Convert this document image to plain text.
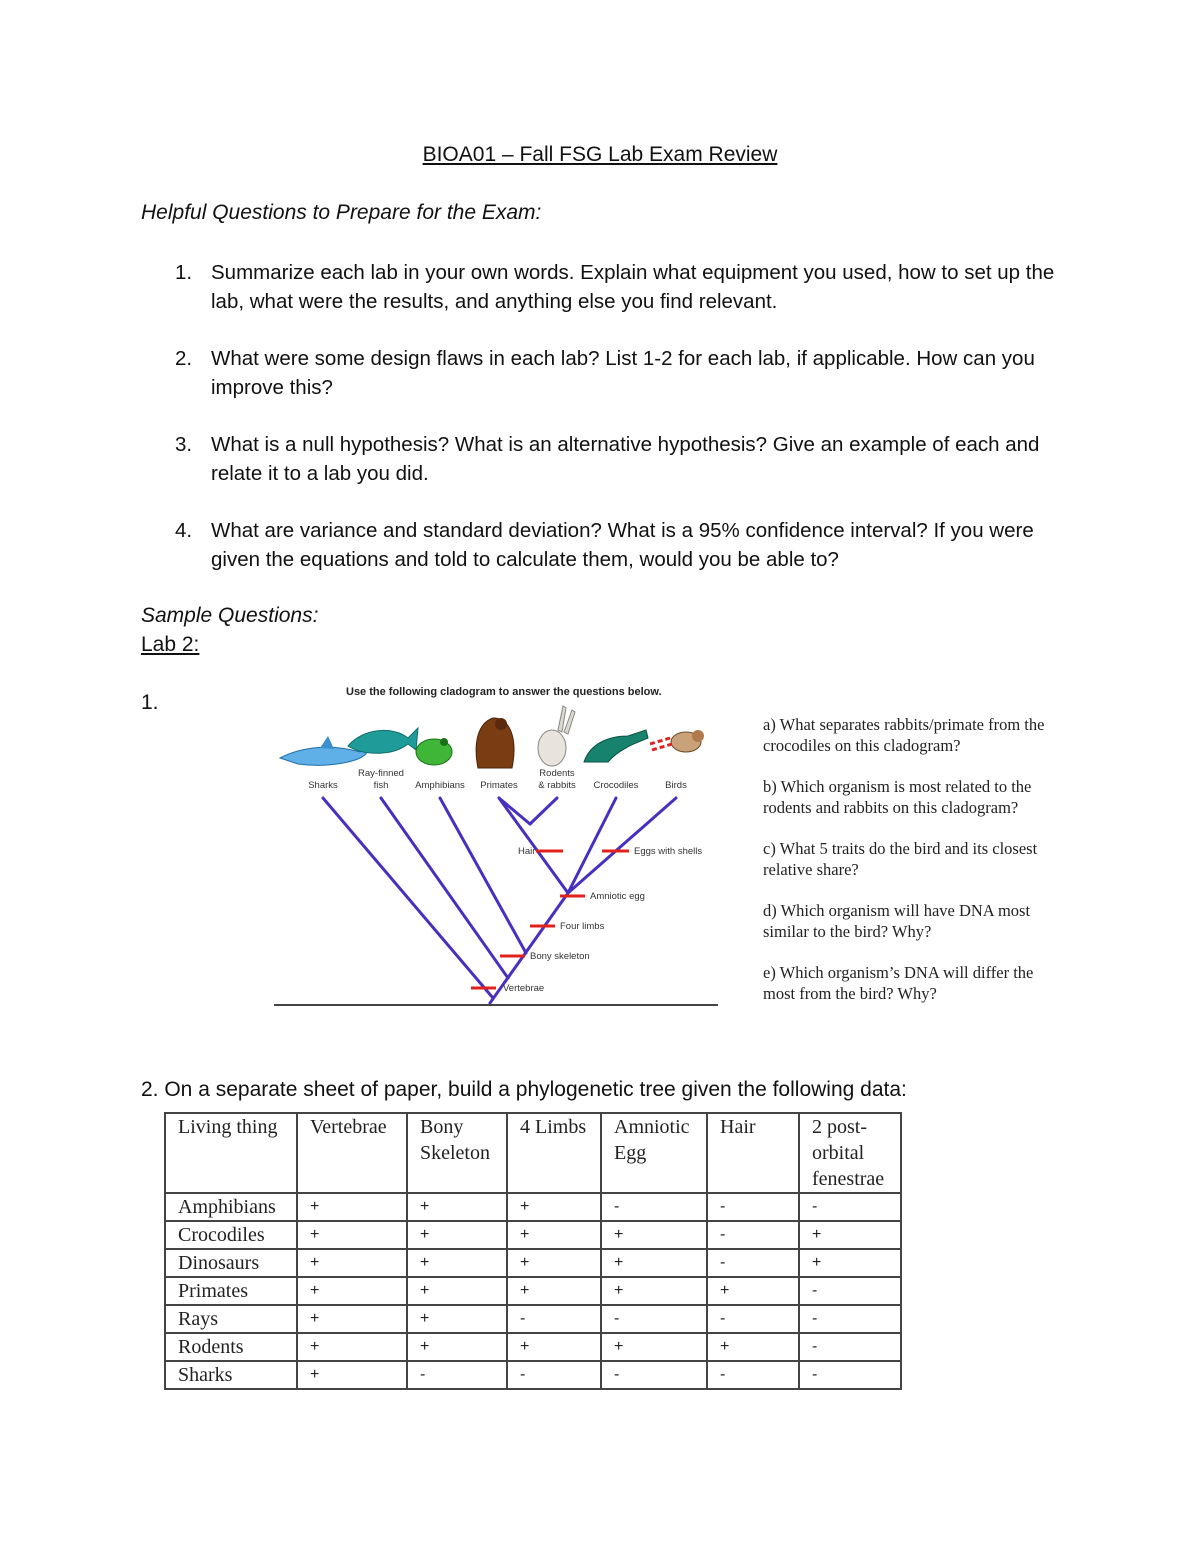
BIOA01 – Fall FSG Lab Exam Review
Helpful Questions to Prepare for the Exam:
1. Summarize each lab in your own words. Explain what equipment you used, how to set up the lab, what were the results, and anything else you find relevant.
2. What were some design flaws in each lab? List 1-2 for each lab, if applicable. How can you improve this?
3. What is a null hypothesis? What is an alternative hypothesis? Give an example of each and relate it to a lab you did.
4. What are variance and standard deviation? What is a 95% confidence interval? If you were given the equations and told to calculate them, would you be able to?
Sample Questions:
Lab 2:
1.	Use the following cladogram to answer the questions below.
Sharks
Ray-finned
fish	Amphibians Primates
Rodents
& rabbits Crocodiles	Birds
Vertebrae
Bony skeleton
Four limbs
Amniotic egg
Hair	Eggs with shells

a) What separates rabbits/primate from the crocodiles on this cladogram?

b) Which organism is most related to the rodents and rabbits on this cladogram?

c) What 5 traits do the bird and its closest relative share?

d) Which organism will have DNA most similar to the bird? Why?

e) Which organism’s DNA will differ the most from the bird? Why?

2. On a separate sheet of paper, build a phylogenetic tree given the following data:
Living thing	Vertebrae	Bony Skeleton	4 Limbs	Amniotic Egg	Hair	2 post-orbital fenestrae
Amphibians	+	+	+	-	-	-
Crocodiles	+	+	+	+	-	+
Dinosaurs	+	+	+	+	-	+
Primates	+	+	+	+	+	-
Rays	+	+	-	-	-	-
Rodents	+	+	+	+	+	-
Sharks	+	-	-	-	-	-
